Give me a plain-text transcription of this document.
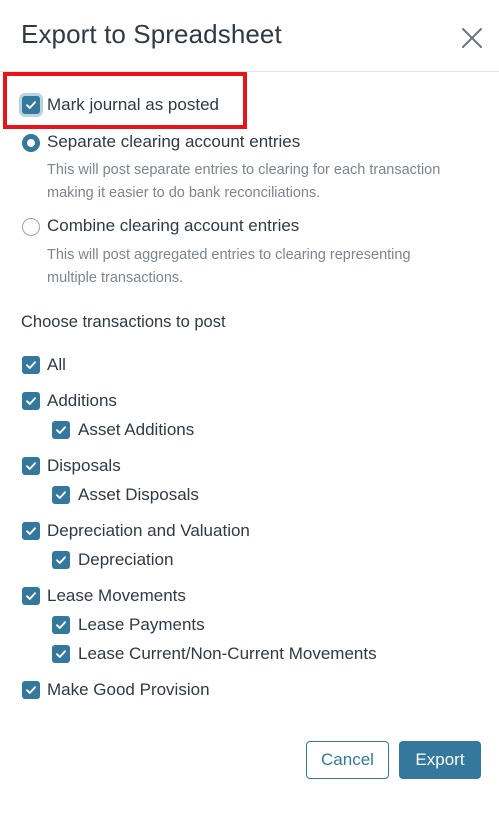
Export to Spreadsheet
Mark journal as posted
Separate clearing account entries
This will post separate entries to clearing for each transaction making it easier to do bank reconciliations.
Combine clearing account entries
This will post aggregated entries to clearing representing multiple transactions.
Choose transactions to post
All
Additions
Asset Additions
Disposals
Asset Disposals
Depreciation and Valuation
Depreciation
Lease Movements
Lease Payments
Lease Current/Non-Current Movements
Make Good Provision
Cancel	Export
